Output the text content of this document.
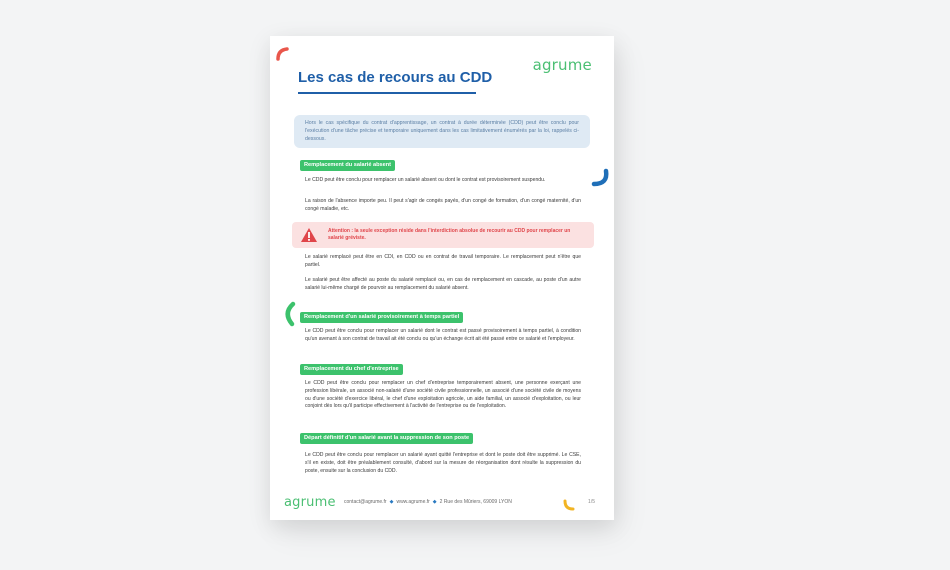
agrume
Les cas de recours au CDD
Hors le cas spécifique du contrat d'apprentissage, un contrat à durée déterminée (CDD) peut être conclu pour l'exécution d'une tâche précise et temporaire uniquement dans les cas limitativement énumérés par la loi, rappelés ci-dessous.
Remplacement du salarié absent

Le CDD peut être conclu pour remplacer un salarié absent ou dont le contrat est provisoirement suspendu.

La raison de l'absence importe peu. Il peut s'agir de congés payés, d'un congé de formation, d'un congé maternité, d'un congé maladie, etc.

Attention : la seule exception réside dans l'interdiction absolue de recourir au CDD pour remplacer un salarié gréviste.

Le salarié remplacé peut être en CDI, en CDD ou en contrat de travail temporaire. Le remplacement peut n'être que partiel.

Le salarié peut être affecté au poste du salarié remplacé ou, en cas de remplacement en cascade, au poste d'un autre salarié lui-même chargé de pourvoir au remplacement du salarié absent.

Remplacement d'un salarié provisoirement à temps partiel

Le CDD peut être conclu pour remplacer un salarié dont le contrat est passé provisoirement à temps partiel, à condition qu'un avenant à son contrat de travail ait été conclu ou qu'un échange écrit ait été passé entre ce salarié et l'employeur.

Remplacement du chef d'entreprise

Le CDD peut être conclu pour remplacer un chef d'entreprise temporairement absent, une personne exerçant une profession libérale, un associé non-salarié d'une société civile professionnelle, un associé d'une société civile de moyens ou d'une société d'exercice libéral, le chef d'une exploitation agricole, un aide familial, un associé d'exploitation, ou leur conjoint dès lors qu'il participe effectivement à l'activité de l'entreprise ou de l'exploitation.

Départ définitif d'un salarié avant la suppression de son poste

Le CDD peut être conclu pour remplacer un salarié ayant quitté l'entreprise et dont le poste doit être supprimé. Le CSE, s'il en existe, doit être préalablement consulté, d'abord sur la mesure de réorganisation dont résulte la suppression du poste, ensuite sur la conclusion du CDD.

agrume contact@agrume.fr ◆ www.agrume.fr ◆ 2 Rue des Mûriers, 69009 LYON	1/5
